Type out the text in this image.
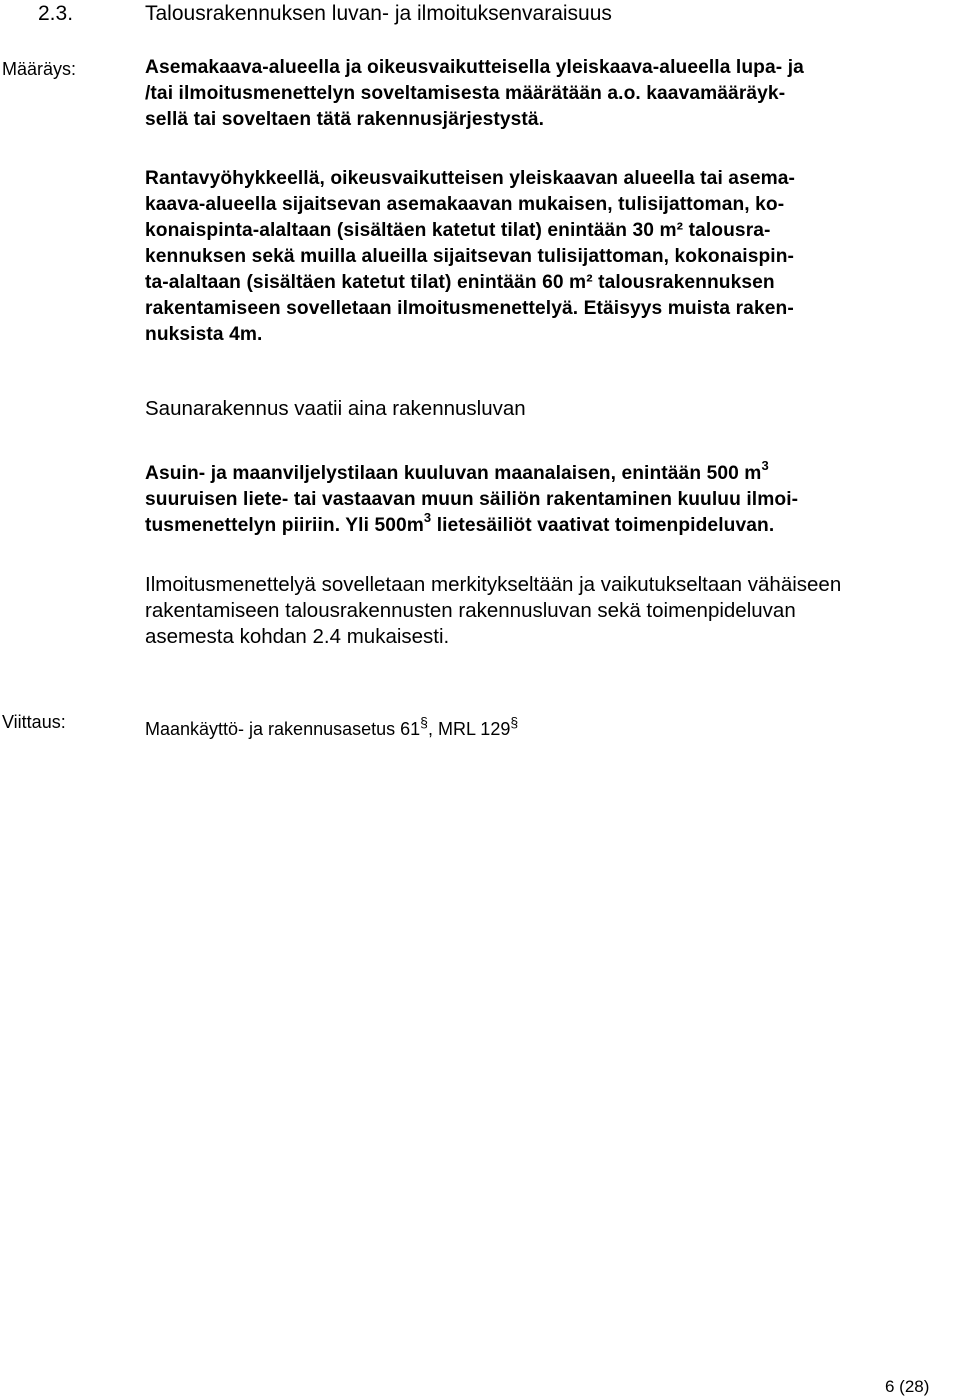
2.3.	Talousrakennuksen luvan- ja ilmoituksenvaraisuus
Määräys:	Asemakaava-alueella ja oikeusvaikutteisella yleiskaava-alueella lupa- ja
/tai ilmoitusmenettelyn soveltamisesta määrätään a.o. kaavamääräyk-
sellä tai soveltaen tätä rakennusjärjestystä.
Rantavyöhykkeellä, oikeusvaikutteisen yleiskaavan alueella tai asema-
kaava-alueella sijaitsevan asemakaavan mukaisen, tulisijattoman, ko-
konaispinta-alaltaan (sisältäen katetut tilat) enintään 30 m² talousra-
kennuksen sekä muilla alueilla sijaitsevan tulisijattoman, kokonaispin-
ta-alaltaan (sisältäen katetut tilat) enintään 60 m² talousrakennuksen
rakentamiseen sovelletaan ilmoitusmenettelyä. Etäisyys muista raken-
nuksista 4m.
Saunarakennus vaatii aina rakennusluvan
Asuin- ja maanviljelystilaan kuuluvan maanalaisen, enintään 500 $m^3$
suuruisen liete- tai vastaavan muun säiliön rakentaminen kuuluu ilmoi-
tusmenettelyn piiriin. Yli $500m^3$ lietesäiliöt vaativat toimenpideluvan.
Ilmoitusmenettelyä sovelletaan merkitykseltään ja vaikutukseltaan vähäiseen
rakentamiseen talousrakennusten rakennusluvan sekä toimenpideluvan
asemesta kohdan 2.4 mukaisesti.
Viittaus:	Maankäyttö- ja rakennusasetus 61§, MRL 129§
6 (28)
